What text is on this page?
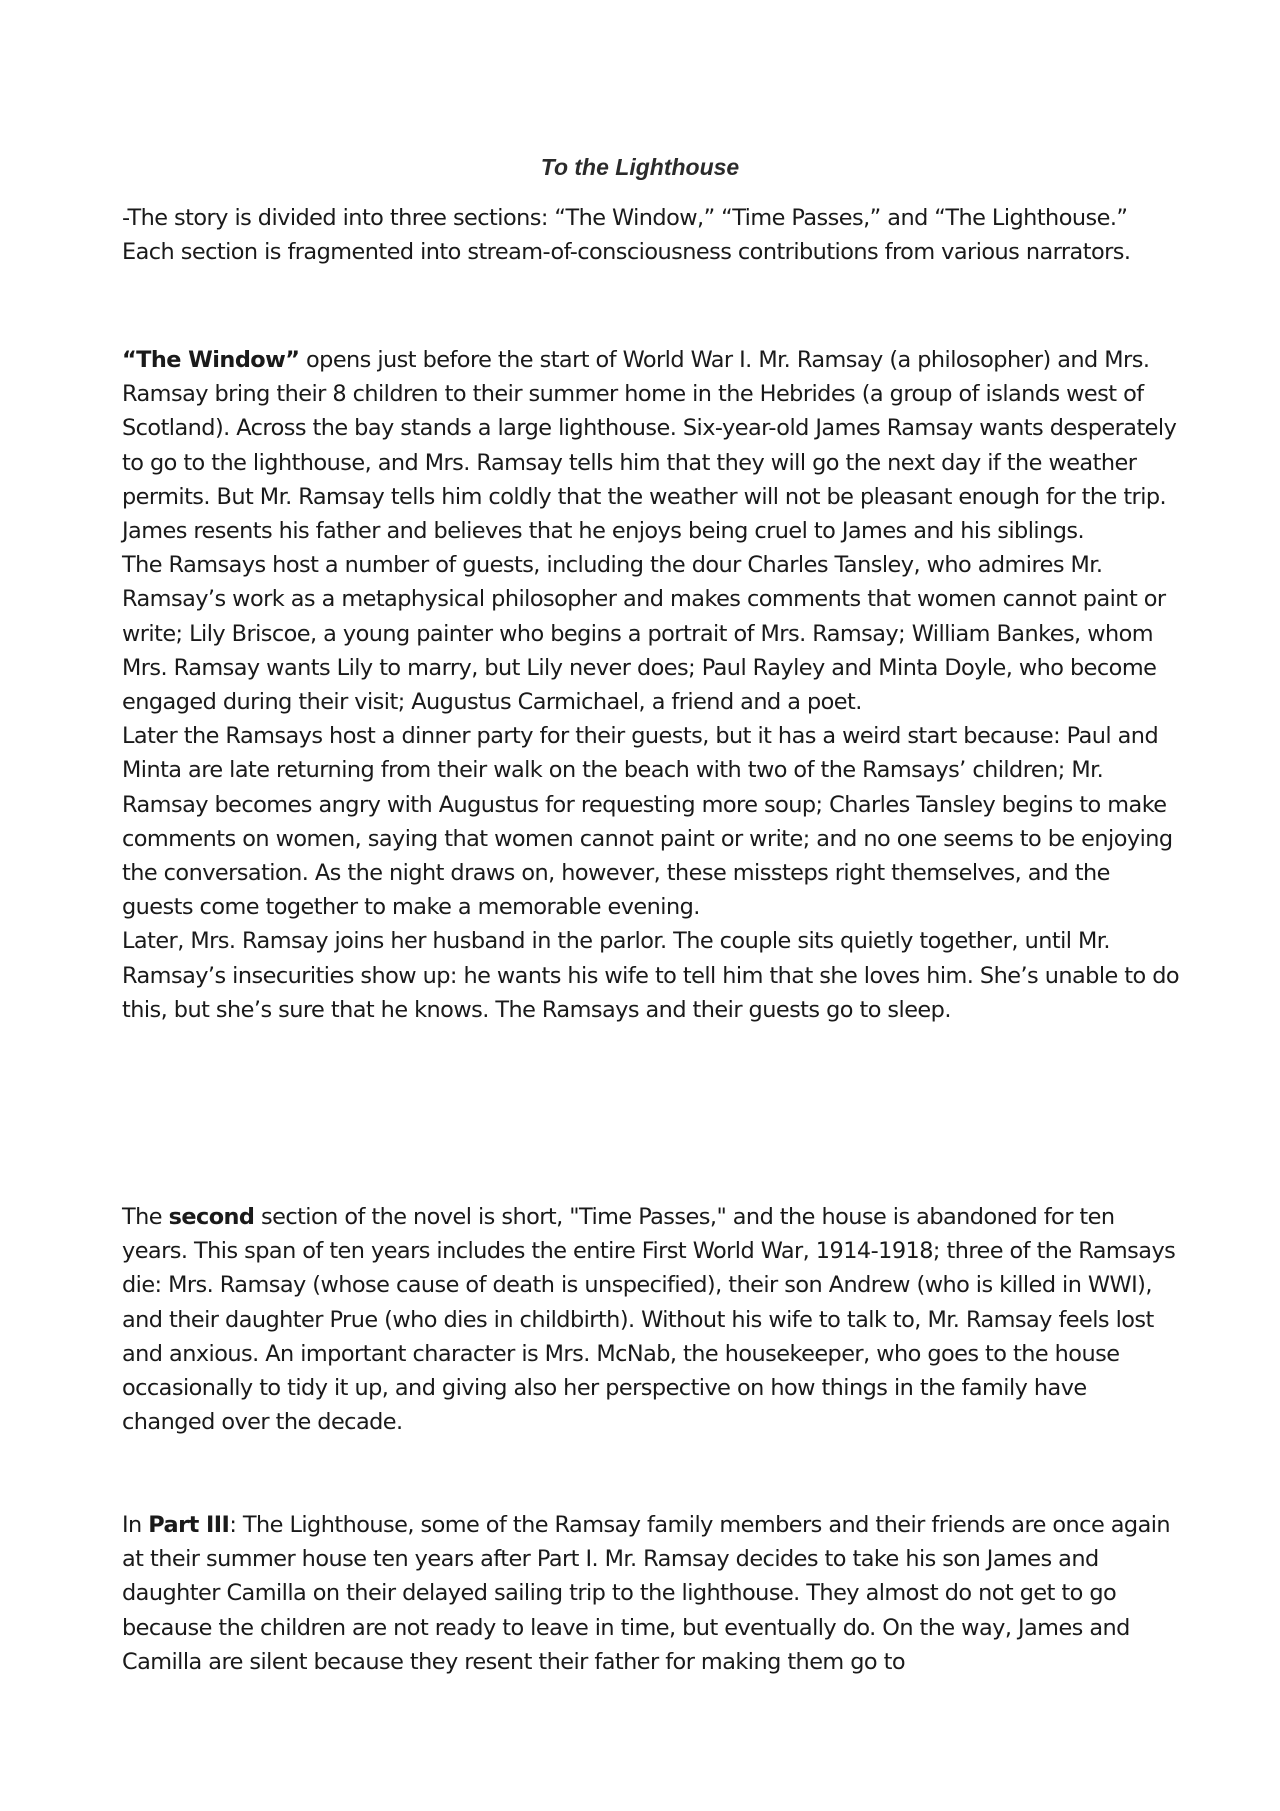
To the Lighthouse

-The story is divided into three sections: “The Window,” “Time Passes,” and “The Lighthouse.” Each section is fragmented into stream-of-consciousness contributions from various narrators.

“The Window” opens just before the start of World War I. Mr. Ramsay (a philosopher) and Mrs. Ramsay bring their 8 children to their summer home in the Hebrides (a group of islands west of Scotland). Across the bay stands a large lighthouse. Six-year-old James Ramsay wants desperately to go to the lighthouse, and Mrs. Ramsay tells him that they will go the next day if the weather permits. But Mr. Ramsay tells him coldly that the weather will not be pleasant enough for the trip. James resents his father and believes that he enjoys being cruel to James and his siblings.

The Ramsays host a number of guests, including the dour Charles Tansley, who admires Mr. Ramsay’s work as a metaphysical philosopher and makes comments that women cannot paint or write; Lily Briscoe, a young painter who begins a portrait of Mrs. Ramsay; William Bankes, whom Mrs. Ramsay wants Lily to marry, but Lily never does; Paul Rayley and Minta Doyle, who become engaged during their visit; Augustus Carmichael, a friend and a poet.

Later the Ramsays host a dinner party for their guests, but it has a weird start because: Paul and Minta are late returning from their walk on the beach with two of the Ramsays’ children; Mr. Ramsay becomes angry with Augustus for requesting more soup; Charles Tansley begins to make comments on women, saying that women cannot paint or write; and no one seems to be enjoying the conversation. As the night draws on, however, these missteps right themselves, and the guests come together to make a memorable evening.

Later, Mrs. Ramsay joins her husband in the parlor. The couple sits quietly together, until Mr. Ramsay’s insecurities show up: he wants his wife to tell him that she loves him. She’s unable to do this, but she’s sure that he knows. The Ramsays and their guests go to sleep.

The second section of the novel is short, "Time Passes," and the house is abandoned for ten years. This span of ten years includes the entire First World War, 1914-1918; three of the Ramsays die: Mrs. Ramsay (whose cause of death is unspecified), their son Andrew (who is killed in WWI), and their daughter Prue (who dies in childbirth). Without his wife to talk to, Mr. Ramsay feels lost and anxious. An important character is Mrs. McNab, the housekeeper, who goes to the house occasionally to tidy it up, and giving also her perspective on how things in the family have changed over the decade.

In Part III: The Lighthouse, some of the Ramsay family members and their friends are once again at their summer house ten years after Part I. Mr. Ramsay decides to take his son James and daughter Camilla on their delayed sailing trip to the lighthouse. They almost do not get to go because the children are not ready to leave in time, but eventually do. On the way, James and Camilla are silent because they resent their father for making them go to
